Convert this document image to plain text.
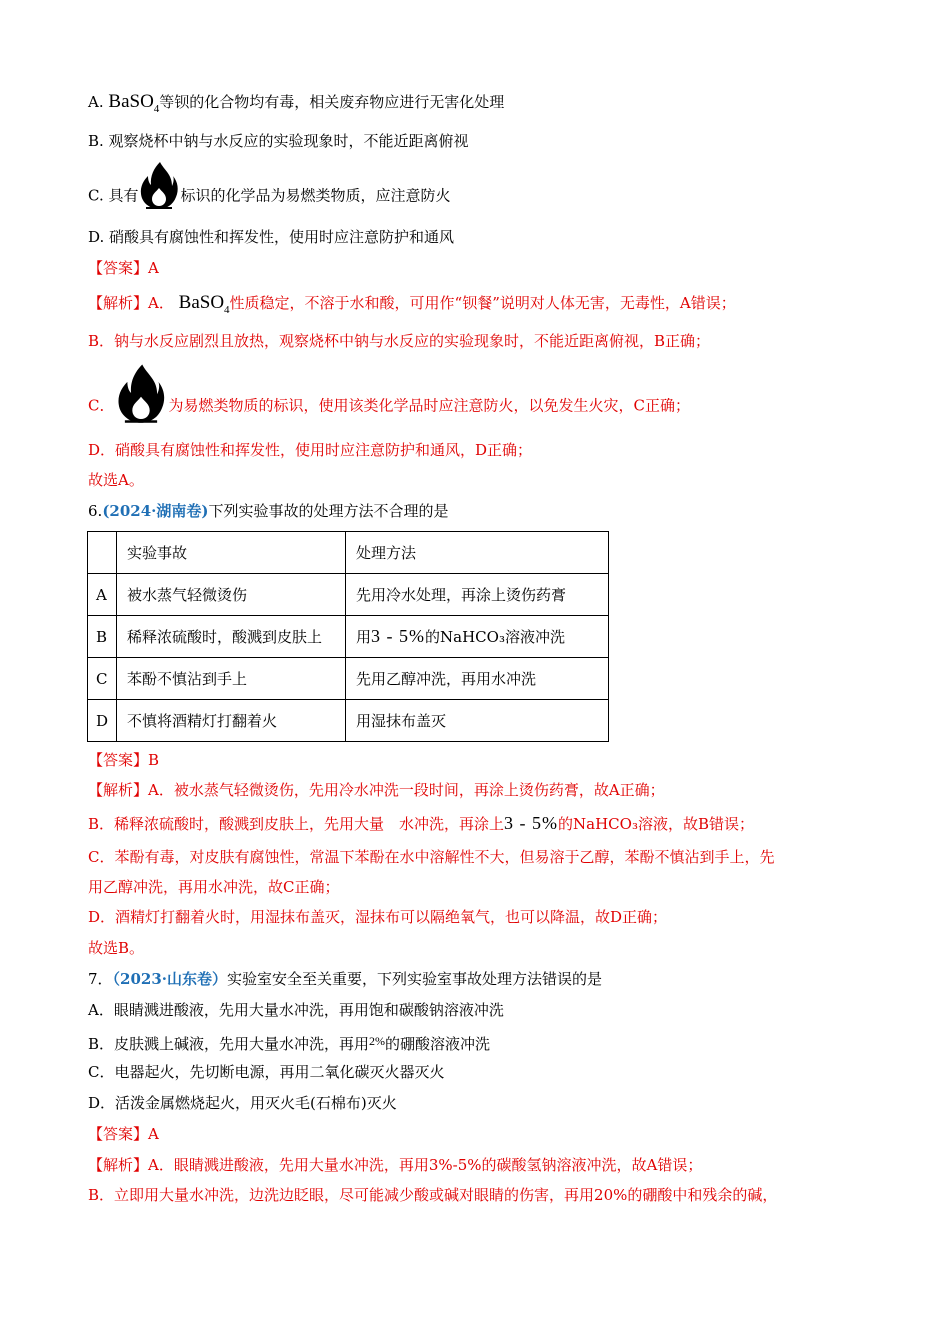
A. BaSO$_4$等钡的化合物均有毒，相关废弃物应进行无害化处理
B. 观察烧杯中钠与水反应的实验现象时，不能近距离俯视
C. 具有	标识的化学品为易燃类物质，应注意防火
D. 硝酸具有腐蚀性和挥发性，使用时应注意防护和通风
【答案】A
【解析】A． BaSO$_4$性质稳定，不溶于水和酸，可用作“钡餐”说明对人体无害，无毒性，A错误；
B．钠与水反应剧烈且放热，观察烧杯中钠与水反应的实验现象时，不能近距离俯视，B正确；
C．	为易燃类物质的标识，使用该类化学品时应注意防火，以免发生火灾，C正确；
D．硝酸具有腐蚀性和挥发性，使用时应注意防护和通风，D正确；
故选A。
6.(2024·湖南卷)下列实验事故的处理方法不合理的是
	实验事故	处理方法
A	被水蒸气轻微烫伤	先用冷水处理，再涂上烫伤药膏
B	稀释浓硫酸时，酸溅到皮肤上	用3 - 5%的NaHCO₃溶液冲洗
C	苯酚不慎沾到手上	先用乙醇冲洗，再用水冲洗
D	不慎将酒精灯打翻着火	用湿抹布盖灭
【答案】B
【解析】A．被水蒸气轻微烫伤，先用冷水冲洗一段时间，再涂上烫伤药膏，故A正确；
B．稀释浓硫酸时，酸溅到皮肤上，先用大量　水冲洗，再涂上3 - 5%的NaHCO₃溶液，故B错误；
C．苯酚有毒，对皮肤有腐蚀性，常温下苯酚在水中溶解性不大，但易溶于乙醇，苯酚不慎沾到手上，先
用乙醇冲洗，再用水冲洗，故C正确；
D．酒精灯打翻着火时，用湿抹布盖灭，湿抹布可以隔绝氧气，也可以降温，故D正确；
故选B。
7．（2023·山东卷）实验室安全至关重要，下列实验室事故处理方法错误的是
A．眼睛溅进酸液，先用大量水冲洗，再用饱和碳酸钠溶液冲洗
B．皮肤溅上碱液，先用大量水冲洗，再用$^{2\%}$的硼酸溶液冲洗
C．电器起火，先切断电源，再用二氧化碳灭火器灭火
D．活泼金属燃烧起火，用灭火毛(石棉布)灭火
【答案】A
【解析】A．眼睛溅进酸液，先用大量水冲洗，再用3%-5%的碳酸氢钠溶液冲洗，故A错误；
B．立即用大量水冲洗，边洗边眨眼，尽可能减少酸或碱对眼睛的伤害，再用20%的硼酸中和残余的碱，
